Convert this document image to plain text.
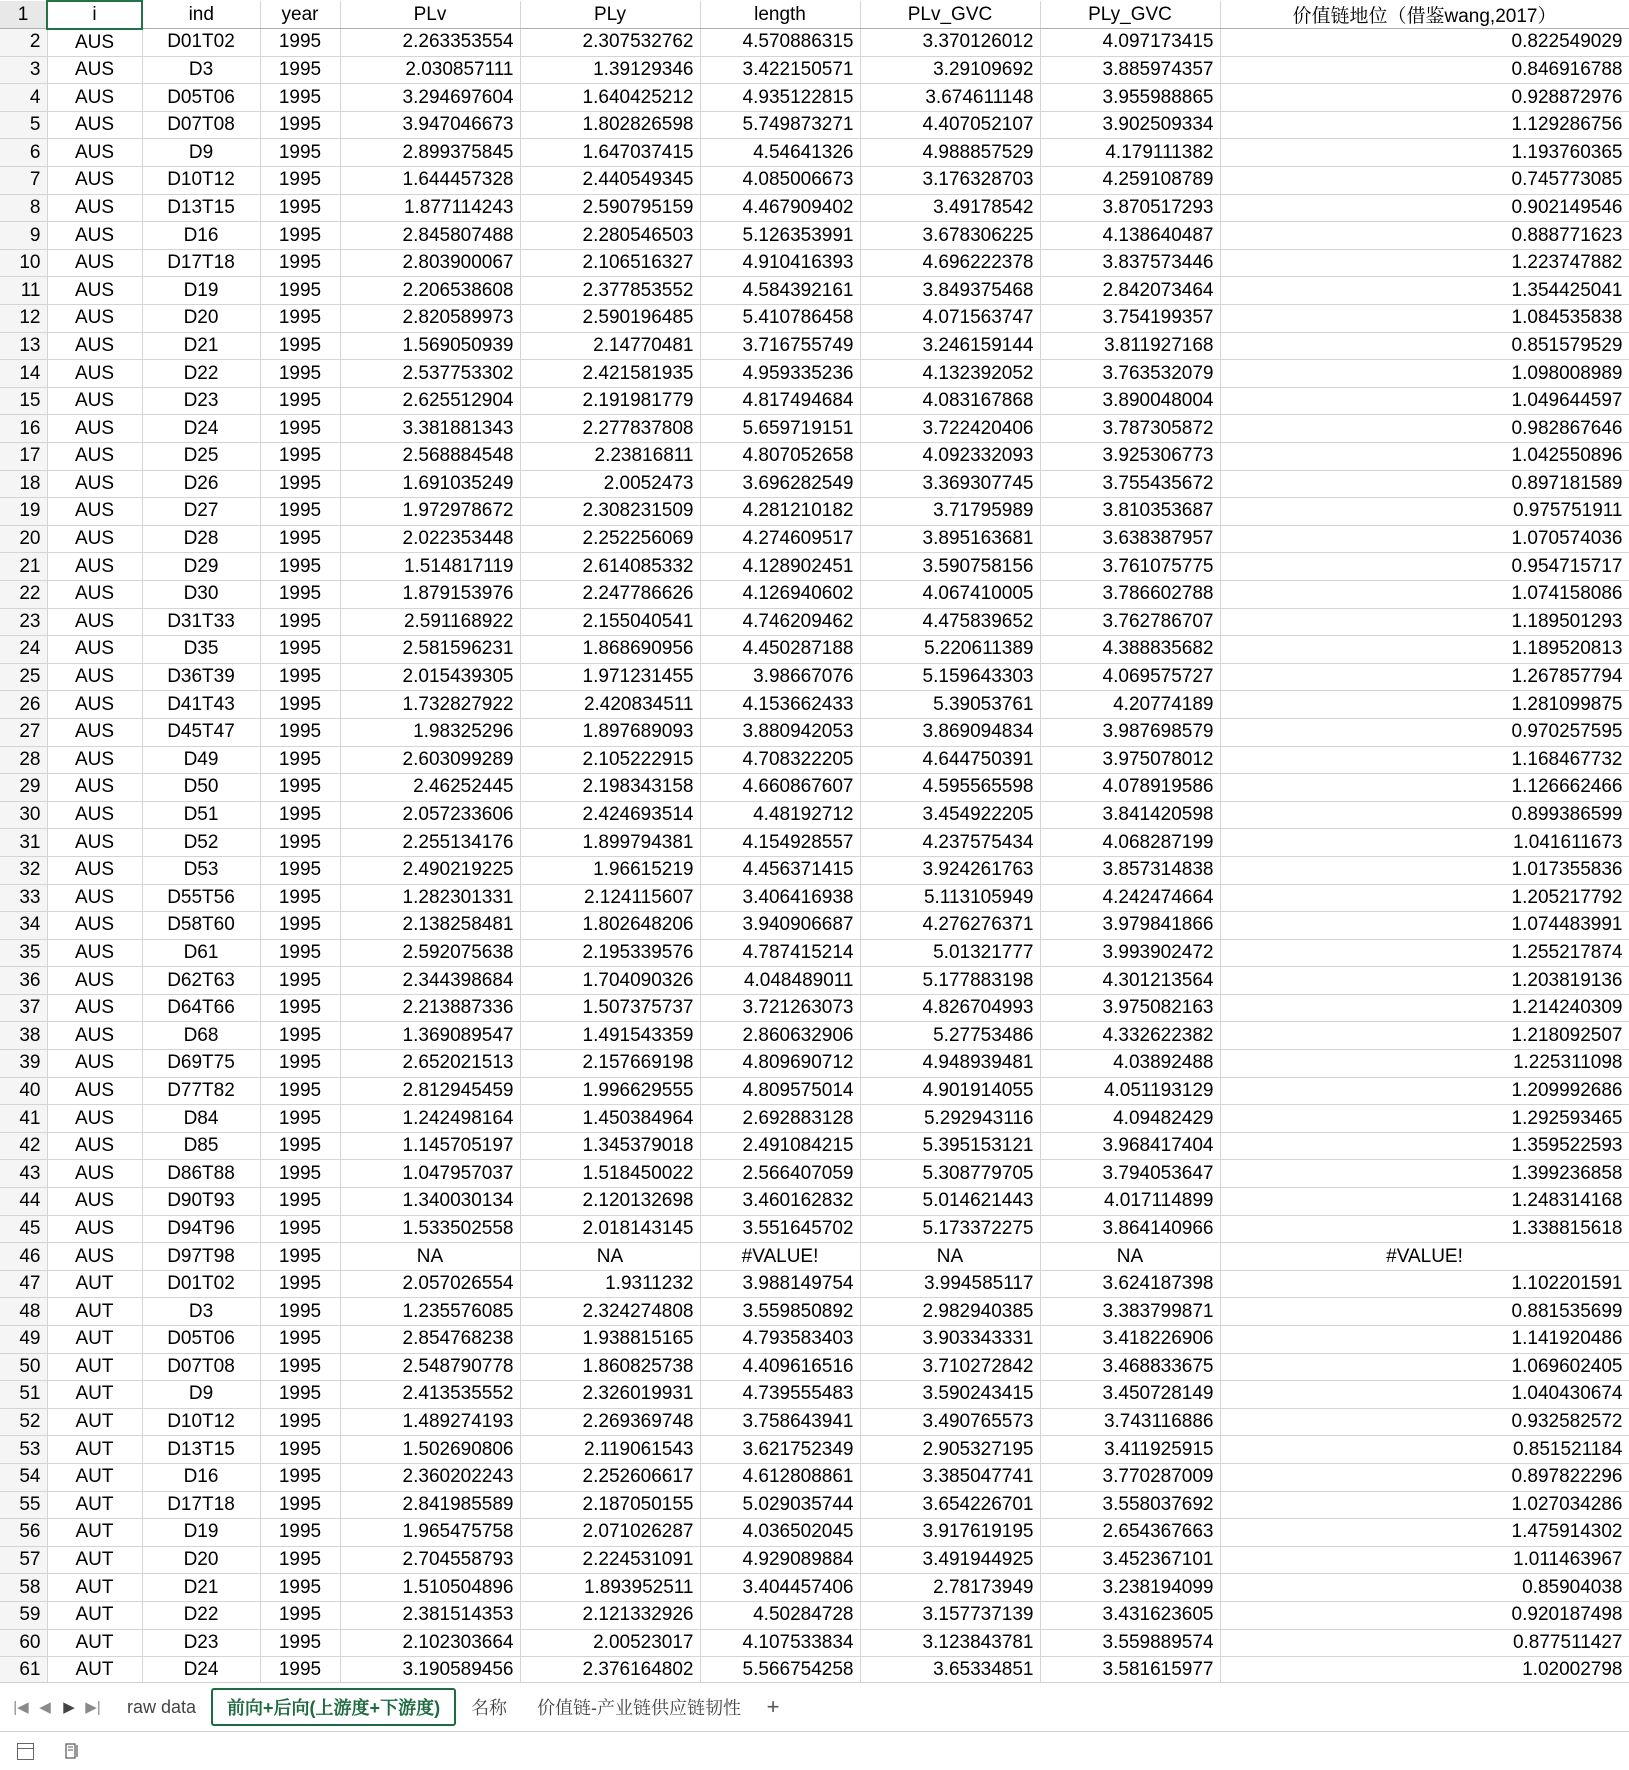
1	i	ind	year	PLv	PLy	length	PLv_GVC	PLy_GVC	价值链地位（借鉴wang,2017）
2	AUS	D01T02	1995	2.263353554	2.307532762	4.570886315	3.370126012	4.097173415	0.822549029
3	AUS	D3	1995	2.030857111	1.39129346	3.422150571	3.29109692	3.885974357	0.846916788
4	AUS	D05T06	1995	3.294697604	1.640425212	4.935122815	3.674611148	3.955988865	0.928872976
5	AUS	D07T08	1995	3.947046673	1.802826598	5.749873271	4.407052107	3.902509334	1.129286756
6	AUS	D9	1995	2.899375845	1.647037415	4.54641326	4.988857529	4.179111382	1.193760365
7	AUS	D10T12	1995	1.644457328	2.440549345	4.085006673	3.176328703	4.259108789	0.745773085
8	AUS	D13T15	1995	1.877114243	2.590795159	4.467909402	3.49178542	3.870517293	0.902149546
9	AUS	D16	1995	2.845807488	2.280546503	5.126353991	3.678306225	4.138640487	0.888771623
10	AUS	D17T18	1995	2.803900067	2.106516327	4.910416393	4.696222378	3.837573446	1.223747882
11	AUS	D19	1995	2.206538608	2.377853552	4.584392161	3.849375468	2.842073464	1.354425041
12	AUS	D20	1995	2.820589973	2.590196485	5.410786458	4.071563747	3.754199357	1.084535838
13	AUS	D21	1995	1.569050939	2.14770481	3.716755749	3.246159144	3.811927168	0.851579529
14	AUS	D22	1995	2.537753302	2.421581935	4.959335236	4.132392052	3.763532079	1.098008989
15	AUS	D23	1995	2.625512904	2.191981779	4.817494684	4.083167868	3.890048004	1.049644597
16	AUS	D24	1995	3.381881343	2.277837808	5.659719151	3.722420406	3.787305872	0.982867646
17	AUS	D25	1995	2.568884548	2.23816811	4.807052658	4.092332093	3.925306773	1.042550896
18	AUS	D26	1995	1.691035249	2.0052473	3.696282549	3.369307745	3.755435672	0.897181589
19	AUS	D27	1995	1.972978672	2.308231509	4.281210182	3.71795989	3.810353687	0.975751911
20	AUS	D28	1995	2.022353448	2.252256069	4.274609517	3.895163681	3.638387957	1.070574036
21	AUS	D29	1995	1.514817119	2.614085332	4.128902451	3.590758156	3.761075775	0.954715717
22	AUS	D30	1995	1.879153976	2.247786626	4.126940602	4.067410005	3.786602788	1.074158086
23	AUS	D31T33	1995	2.591168922	2.155040541	4.746209462	4.475839652	3.762786707	1.189501293
24	AUS	D35	1995	2.581596231	1.868690956	4.450287188	5.220611389	4.388835682	1.189520813
25	AUS	D36T39	1995	2.015439305	1.971231455	3.98667076	5.159643303	4.069575727	1.267857794
26	AUS	D41T43	1995	1.732827922	2.420834511	4.153662433	5.39053761	4.20774189	1.281099875
27	AUS	D45T47	1995	1.98325296	1.897689093	3.880942053	3.869094834	3.987698579	0.970257595
28	AUS	D49	1995	2.603099289	2.105222915	4.708322205	4.644750391	3.975078012	1.168467732
29	AUS	D50	1995	2.46252445	2.198343158	4.660867607	4.595565598	4.078919586	1.126662466
30	AUS	D51	1995	2.057233606	2.424693514	4.48192712	3.454922205	3.841420598	0.899386599
31	AUS	D52	1995	2.255134176	1.899794381	4.154928557	4.237575434	4.068287199	1.041611673
32	AUS	D53	1995	2.490219225	1.96615219	4.456371415	3.924261763	3.857314838	1.017355836
33	AUS	D55T56	1995	1.282301331	2.124115607	3.406416938	5.113105949	4.242474664	1.205217792
34	AUS	D58T60	1995	2.138258481	1.802648206	3.940906687	4.276276371	3.979841866	1.074483991
35	AUS	D61	1995	2.592075638	2.195339576	4.787415214	5.01321777	3.993902472	1.255217874
36	AUS	D62T63	1995	2.344398684	1.704090326	4.048489011	5.177883198	4.301213564	1.203819136
37	AUS	D64T66	1995	2.213887336	1.507375737	3.721263073	4.826704993	3.975082163	1.214240309
38	AUS	D68	1995	1.369089547	1.491543359	2.860632906	5.27753486	4.332622382	1.218092507
39	AUS	D69T75	1995	2.652021513	2.157669198	4.809690712	4.948939481	4.03892488	1.225311098
40	AUS	D77T82	1995	2.812945459	1.996629555	4.809575014	4.901914055	4.051193129	1.209992686
41	AUS	D84	1995	1.242498164	1.450384964	2.692883128	5.292943116	4.09482429	1.292593465
42	AUS	D85	1995	1.145705197	1.345379018	2.491084215	5.395153121	3.968417404	1.359522593
43	AUS	D86T88	1995	1.047957037	1.518450022	2.566407059	5.308779705	3.794053647	1.399236858
44	AUS	D90T93	1995	1.340030134	2.120132698	3.460162832	5.014621443	4.017114899	1.248314168
45	AUS	D94T96	1995	1.533502558	2.018143145	3.551645702	5.173372275	3.864140966	1.338815618
46	AUS	D97T98	1995	NA	NA	#VALUE!	NA	NA	#VALUE!
47	AUT	D01T02	1995	2.057026554	1.9311232	3.988149754	3.994585117	3.624187398	1.102201591
48	AUT	D3	1995	1.235576085	2.324274808	3.559850892	2.982940385	3.383799871	0.881535699
49	AUT	D05T06	1995	2.854768238	1.938815165	4.793583403	3.903343331	3.418226906	1.141920486
50	AUT	D07T08	1995	2.548790778	1.860825738	4.409616516	3.710272842	3.468833675	1.069602405
51	AUT	D9	1995	2.413535552	2.326019931	4.739555483	3.590243415	3.450728149	1.040430674
52	AUT	D10T12	1995	1.489274193	2.269369748	3.758643941	3.490765573	3.743116886	0.932582572
53	AUT	D13T15	1995	1.502690806	2.119061543	3.621752349	2.905327195	3.411925915	0.851521184
54	AUT	D16	1995	2.360202243	2.252606617	4.612808861	3.385047741	3.770287009	0.897822296
55	AUT	D17T18	1995	2.841985589	2.187050155	5.029035744	3.654226701	3.558037692	1.027034286
56	AUT	D19	1995	1.965475758	2.071026287	4.036502045	3.917619195	2.654367663	1.475914302
57	AUT	D20	1995	2.704558793	2.224531091	4.929089884	3.491944925	3.452367101	1.011463967
58	AUT	D21	1995	1.510504896	1.893952511	3.404457406	2.78173949	3.238194099	0.85904038
59	AUT	D22	1995	2.381514353	2.121332926	4.50284728	3.157737139	3.431623605	0.920187498
60	AUT	D23	1995	2.102303664	2.00523017	4.107533834	3.123843781	3.559889574	0.877511427
61	AUT	D24	1995	3.190589456	2.376164802	5.566754258	3.65334851	3.581615977	1.02002798
|◀ ◀ ▶ ▶|	raw data	前向+后向(上游度+下游度)	名称	价值链-产业链供应链韧性	+
